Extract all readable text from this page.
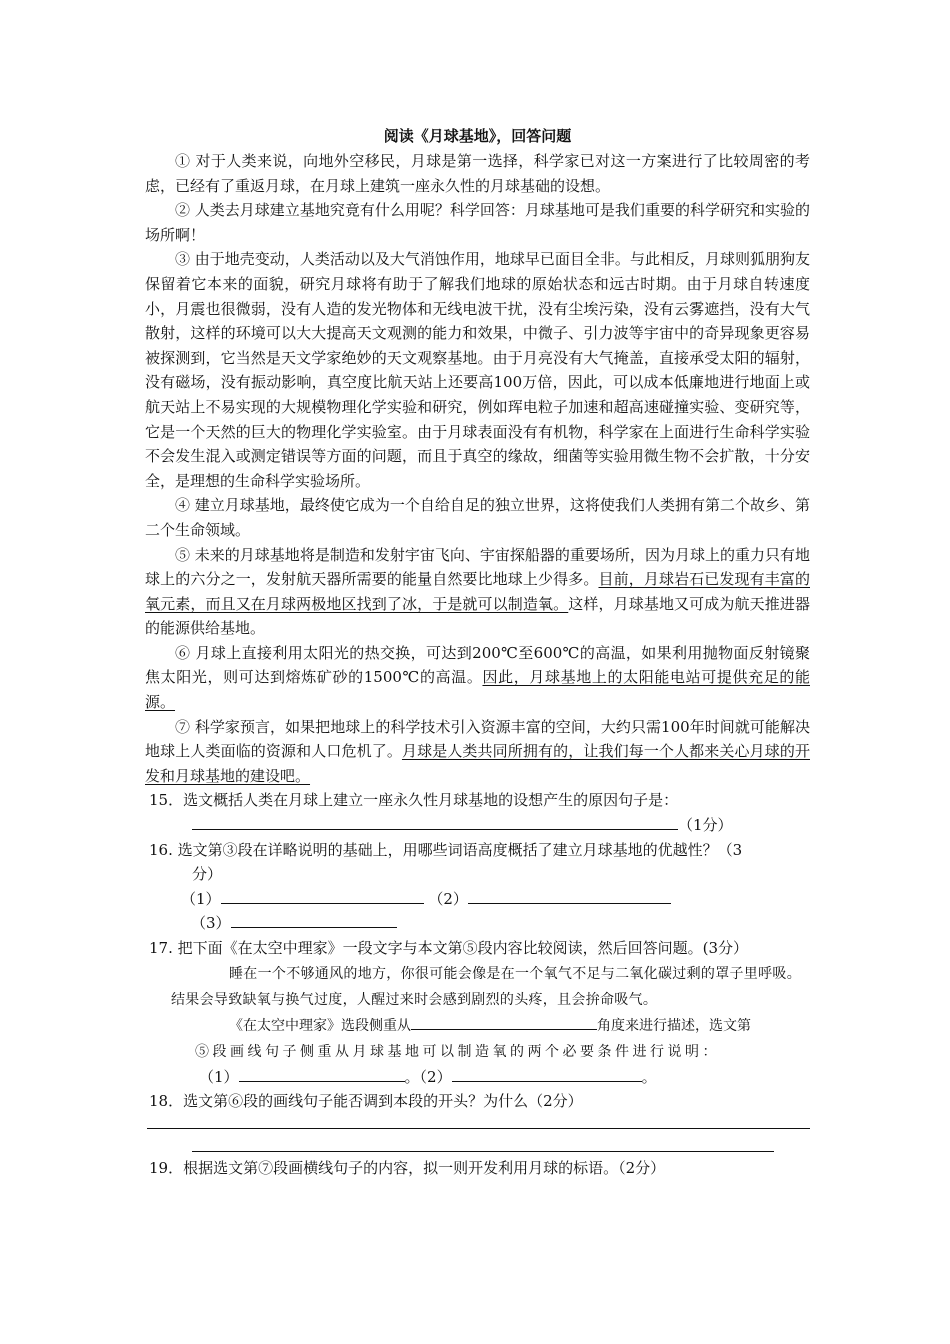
阅读《月球基地》，回答问题

① 对于人类来说，向地外空移民，月球是第一选择，科学家已对这一方案进行了比较周密的考虑，已经有了重返月球，在月球上建筑一座永久性的月球基础的设想。

② 人类去月球建立基地究竟有什么用呢？科学回答：月球基地可是我们重要的科学研究和实验的场所啊！

③ 由于地壳变动，人类活动以及大气消蚀作用，地球早已面目全非。与此相反，月球则狐朋狗友保留着它本来的面貌，研究月球将有助于了解我们地球的原始状态和远古时期。由于月球自转速度小，月震也很微弱，没有人造的发光物体和无线电波干扰，没有尘埃污染，没有云雾遮挡，没有大气散射，这样的环境可以大大提高天文观测的能力和效果，中微子、引力波等宇宙中的奇异现象更容易被探测到，它当然是天文学家绝妙的天文观察基地。由于月亮没有大气掩盖，直接承受太阳的辐射，没有磁场，没有振动影响，真空度比航天站上还要高100万倍，因此，可以成本低廉地进行地面上或航天站上不易实现的大规模物理化学实验和研究，例如珲电粒子加速和超高速碰撞实验、变研究等，它是一个天然的巨大的物理化学实验室。由于月球表面没有有机物，科学家在上面进行生命科学实验不会发生混入或测定错误等方面的问题，而且于真空的缘故，细菌等实验用微生物不会扩散，十分安全，是理想的生命科学实验场所。

④ 建立月球基地，最终使它成为一个自给自足的独立世界，这将使我们人类拥有第二个故乡、第二个生命领域。

⑤ 未来的月球基地将是制造和发射宇宙飞向、宇宙探船器的重要场所，因为月球上的重力只有地球上的六分之一，发射航天器所需要的能量自然要比地球上少得多。目前，月球岩石已发现有丰富的氧元素，而且又在月球两极地区找到了冰，于是就可以制造氧。这样，月球基地又可成为航天推进器的能源供给基地。

⑥ 月球上直接利用太阳光的热交换，可达到200℃至600℃的高温，如果利用抛物面反射镜聚焦太阳光，则可达到熔炼矿砂的1500℃的高温。因此，月球基地上的太阳能电站可提供充足的能源。

⑦ 科学家预言，如果把地球上的科学技术引入资源丰富的空间，大约只需100年时间就可能解决地球上人类面临的资源和人口危机了。月球是人类共同所拥有的，让我们每一个人都来关心月球的开发和月球基地的建设吧。

15．选文概括人类在月球上建立一座永久性月球基地的设想产生的原因句子是：
（1分）
16. 选文第③段在详略说明的基础上，用哪些词语高度概括了建立月球基地的优越性？（3
分）
（1）	（2）
（3）
17. 把下面《在太空中理家》一段文字与本文第⑤段内容比较阅读，然后回答问题。(3分）
睡在一个不够通风的地方，你很可能会像是在一个氧气不足与二氧化碳过剩的罩子里呼吸。结果会导致缺氧与换气过度，人醒过来时会感到剧烈的头疼，且会拚命吸气。
《在太空中理家》选段侧重从	角度来进行描述，选文第
⑤段画线句子侧重从月球基地可以制造氧的两个必要条件进行说明：
（1）	。（2）	。
18．选文第⑥段的画线句子能否调到本段的开头？为什么（2分）
19．根据选文第⑦段画横线句子的内容，拟一则开发利用月球的标语。（2分）
